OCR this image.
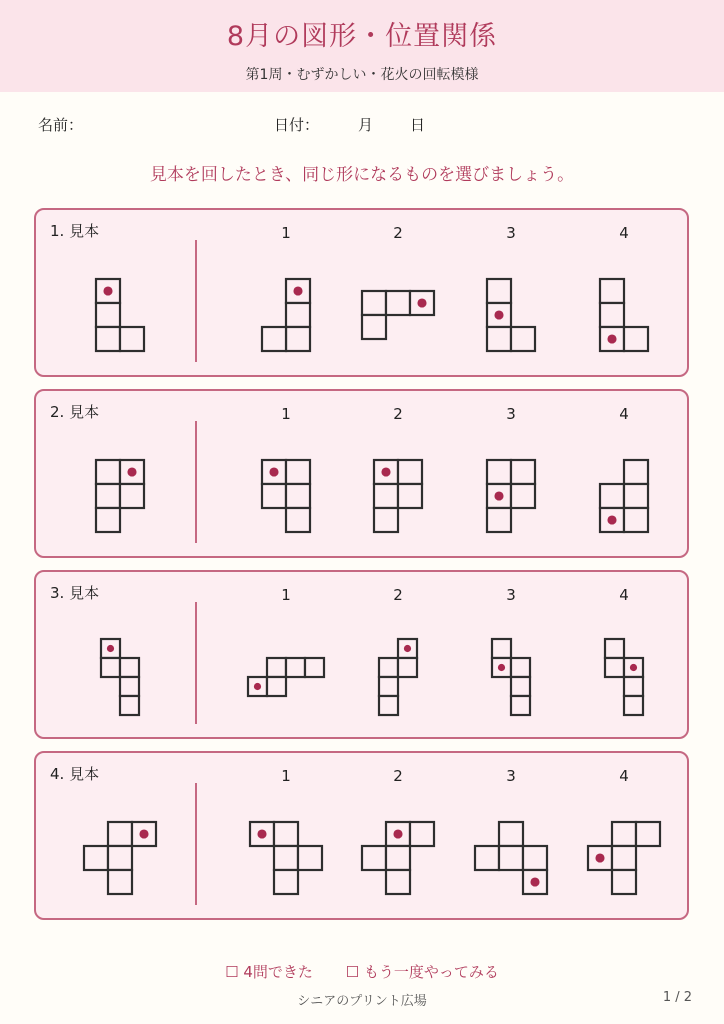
8月の図形・位置関係
第1周・むずかしい・花火の回転模様
名前：	日付：	月 日
見本を回したとき、同じ形になるものを選びましょう。
1. 見本	1	2	3	4
2. 見本	1	2	3	4
3. 見本	1	2	3	4
4. 見本	1	2	3	4
☐ 4問できた ☐ もう一度やってみる
シニアのプリント広場	1 / 2
